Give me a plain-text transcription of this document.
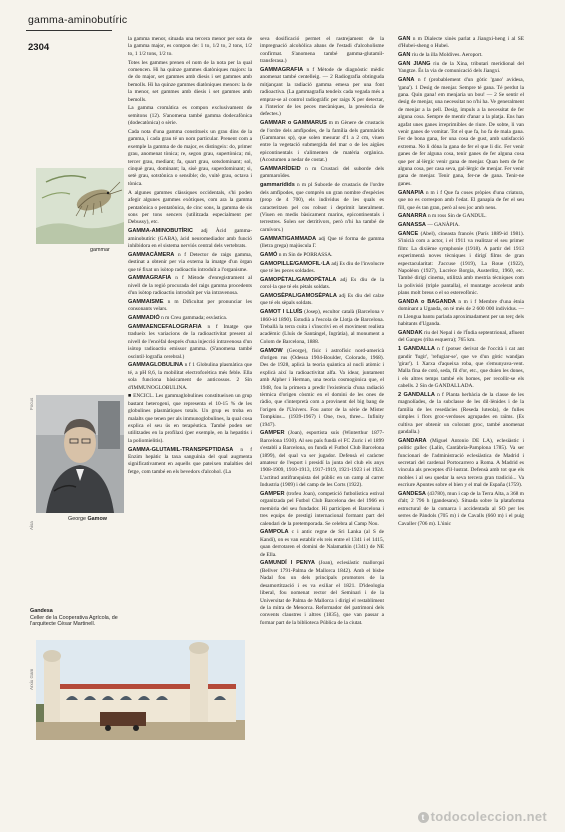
gamma-aminobutíric
2304
gammar
Focus
George Gamow
Aisa
Gandesa
Celler de la Cooperativa Agrícola, de l'arquitecte Cèsar Martinell.
Arxiu Gam

la gamma menor, situada una tercera menor per sota de la gamma major, es compon de: 1 to, 1/2 to, 2 tons, 1/2 to, 1 1/2 tons, 1/2 to.

Totes les gammes prenen el nom de la nota per la qual comencen. Hi ha quinze gammes diatòniques majors: la de do major, set gammes amb diesis i set gammes amb bemolls. Hi ha quinze gammes diatòniques menors: la de la menor, set gammes amb diesis i set gammes amb bemolls.

La gamma cromàtica es compon exclusivament de semitons (12). S'anomena també gamma dodecafònica (dodecatònica) o sèrie.

Cada nota d'una gamma constitueix un grau dins de la gamma, i cada grau té un nom particular. Prenent com a exemple la gamma de do major, es distingeix: do, primer grau, anomenat tònica; re, segon grau, supertònica; mi, tercer grau, mediant; fa, quart grau, sotsdominant; sol, cinquè grau, dominant; la, sisè grau, superdominant; si, setè grau, sotstònica o sensible; do, vuitè grau, octava i tònica.

A algunes gammes clàssiques occidentals, s'hi poden afegir algunes gammes exòtiques, com ara la gamma pentatònica o pentatònica, de cinc sons, la gamma de sis sons per tons sencers (utilitzada especialment per Debussy), etc.

GAMMA-AMINOBUTÍRIC adj Àcid gamma-aminobutíric (GABA), àcid neuromediador amb funció inhibidora en el sistema nerviós central dels vertebrats.

GAMMACÀMERA n f Detector de raigs gamma, destinat a obtenir per via externa la imatge d'un òrgan que té fixat un isòtop radioactiu introduït a l'organisme.

GAMMAGRAFIA n f Mètode d'enregistrament al nivell de la regió procurada del raigs gamma procedents d'un isòtop radioactiu introduït per via intravenosa.

GAMMAISME n m Dificultat per pronunciar les consonants velars.

GAMMADIÓ n m Creu gammada; esvàstica.

GAMMAENCEFALOGRAFIA n f Imatge que tradueix les variacions de la radioactivitat present al nivell de l'encèfal després d'una injecció intravenosa d'un isòtop radioactiu emissor gamma. (S'anomena també oscintil·lografia cerebral.)

GAMMAGLOBULINA n f 1 Globulina plasmàtica que té, a pH 8,6, la mobilitat electroforètica més feble. Ella sola funciona bàsicament de anticossos. 2 Sin d'IMMUNOGLOBULINA.

■ ENCICL. Les gammaglobulines constitueixen un grup bastant heterogeni, que representa el 10-15 % de les globulines plasmàtiques totals. Un grup es troba en malalts que tenen per als immunoglobulines, la qual cosa explica el seu ús en terapèutica. També poden ser utilitzades en la profilaxi (per exemple, en la hepatitis i la poliomielitis).

GAMMA-GLUTAMIL-TRANSPEPTIDASA n f Enzim hepàtic la taxa sanguínia del qual augmenta significativament en aquells que pateixen malalties del fetge, com també en els bevedors d'alcohol. (La

seva dosificació permet el rastrejament de la impregnació alcohòlica abans de l'estadi d'alcoholisme confirmat. S'anomena també gamma-glutamil-transferasa.)

GAMMAGRAFIA n f Mètode de diagnòstic mèdic anomenat també centelleig. — 2 Radiografia obtinguda mitjançant la radiació gamma emesa per una font radioactiva. (La gammagrafia tendeix cada vegada més a emprar-se al control radiogràfic per raigs X per detectar, a l'interior de les peces mecàniques, la presència de defectes.)

GAMMAR o GAMMARUS m m Gènere de crustacis de l'ordre dels amfípodes, de la família dels gammàrids (Gammarus sp), que solen mesurar d'1 a 2 cm, viuen entre la vegetació submergida del mar o de les aigües epicontinentals i s'alimenten de matèria orgànica. (Acostumen a nedar de costat.)

GAMMARÍDEID n m Crustaci del suborde dels gammaroïdes.

gammarídids n m pl Suborde de crustacis de l'ordre dels amfípodes, que comprèn un gran nombre d'espècies (prop de 4 700), els individus de les quals es caracteritzen pel cos robust i deprimit lateralment. (Viuen en medis bàsicament marins, epicontinentals i terrestres. Solen ser detritívors, però n'hi ha també de carnívors.)

GAMMAT/GAMMADA adj Que té forma de gamma (lletra grega) majúscula Γ.

GAMÓ n m Sin de PORRASSA.

GAMOPILLE/GAMOFIL·LA adj Es diu de l'involucre que té les peces soldades.

GAMOPÈTAL/GAMOPÈTALA adj Es diu de la corol·la que té els pètals soldats.

GAMOSÈPAL/GAMOSÈPALA adj Es diu del calze que té els sèpals soldats.

GAMOT I LLUÍS (Josep), escultor català (Barcelona v 1860-id 1890). Estudià a l'escola de Llotja de Barcelona. Treballà la terra cuita i s'inscriví en el moviment realista acadèmic (Lluís de Santángel, Ingràtia), al monument a Colom de Barcelona, 1888.

GAMOW (George), físic i astrofísic nord-americà d'origen rus (Odessa 1904-Boulder, Colorado, 1968). Des de 1928, aplicà la teoria quàntica al nucli atòmic i explicà així la radioactivitat alfa. Va idear, juntament amb Alpher i Herman, una teoria cosmogònica que, el 1948, fou la primera a predir l'existència d'una radiació tèrmica d'origen còsmic en el domini de les ones de ràdio, que s'interpretà com a provinent del big bang de l'origen de l'Univers. Fou autor de la sèrie de Mister Tompkins... (1939-1967) i One, two, three... Infinity (1947).

GAMPER (Joan), esportista suís (Winterthur 1877-Barcelona 1930). Al seu país fundà el FC Zuric i el 1899 s'establí a Barcelona, on fundà el Futbol Club Barcelona (1899), del qual va ser jugador. Defensà el caràcter amateur de l'esport i presidí la junta del club els anys 1908-1909, 1910-1913, 1917-1919, 1921-1923 i el 1924. L'actitud antifranquista del públic en un camp al carrer Industria (1909) i del camp de les Corts (1922).

GAMPER (trofeu Joan), competició futbolística estival organitzada pel Futbol Club Barcelona des del 1966 en memòria del seu fundador. Hi participen el Barcelona i tres equips de prestigi internacional formant part del calendari de la pretemporada. Se celebra al Camp Nou.

GAMPOLA c i antic regne de Sri Lanka (al S de Kandi), on es van establir els reis entre el 1341 i el 1415, quan derrotaren el domini de Nalamatkin (1341) de NE de Ella.

GAMUNDÍ I PENYA (Joan), eclesiàstic mallorquí (Bellver 1791-Palma de Mallorca 1842). Amb el bisbe Nadal fou un dels principals promotors de la desamortització i es va exiliar el 1821. D'ideologia liberal, fou nomenat rector del Seminari i de la Universitat de Palma de Mallorca i dirigí el restabliment de la mitra de Menorca. Reformador del patrimoni dels convents claustres i altres (1835), que van passar a formar part de la biblioteca Pública de la ciutat.

GAN n m Dialecte xinès parlat a Jiangxi-heng i al SE d'Hubei-sheng o Hubei.

GAN riu de la illa Moldives. Aeroport.

GAN JIANG riu de la Xina, tributari meridional del Yangtze. És la via de comunicació dels Jiangxi.

GANA n f (probablement d'un gòtic 'gano' avidesa, 'gana'). 1 Desig de menjar. Sempre té gana. Té perdut la gana. Quin gana! em menjaria un bou! — 2 Se sentir el desig de menjar, una necessitat no n'hi ha. Ve generalment de menjar a la pell. Desig, impuls a la necessitat de fer alguna cosa. Sempre de mentir d'anar a la platja. Ens han agafat unes ganes irreprimibles de riure. De sobte, li van venir ganes de vomitar. Tot el que fa, ho fa de mala gana. Fer de bona gana, fer una cosa de gust, amb satisfacció extrema. No li dóna la gana de fer el que li dic. Fer venir ganes de fer alguna cosa, tenir ganes de fer alguna cosa que per al·lèrgic venir gana de menjar. Quan hem de fer alguna cosa, per casa seva, gal·lèrgic de menjar. Fer venir gana de menjar. Tenir gana, fer-ne de gana. Tenir-ne ganes.

GANAPIA n m i f Que fa coses pròpies d'una criatura, que no es correspon amb l'edat. El ganapia de fer el seu fill, que és tan gran, però al seu joc amb nens.

GANARRA n m ross Sin de GANDUL.

GANASSA — GANÀPIA.

GANCE (Abel), cineasta francès (París 1889-id 1981). S'inicià com a actor, i el 1911 va realitzar el seu primer film: La dixième symphonie (1918). A partir del 1913 experimentà noves tècniques i dirigí films de gran espectacularitat: J'accuse (1919), La Roue (1922), Napoléon (1927), Lucrèce Borgia, Austerlitz, 1960, etc. També dirigí cinema, utilitzà amb mestria tècniques com la polivisió (triple pantalla), el muntatge accelerat amb plans molt breus o el so estereofònic.

GANDA o BAGANDA n m i f Membre d'una ètnia dominant a Uganda, on té més de 2 600 000 individus. — m Llengua bantu parlada aproximadament per un terç dels habitants d'Uganda.

GANDAK riu del Nepal i de l'Índia septentrional, afluent del Ganges (riba esquerra); 765 km.

1 GANDALLA n f (potser derivat de l'occità i cat ant gandir 'fugir', 'refugiar-se', que ve d'un gòtic wandjan 'girar'). 1 Xarxa d'aqueixa roba, que s'emunyava-vent. Malla fina de cotó, seda, fil d'or, etc., que duien les dones, i els altres temps també els homes, per recollir-se els cabells. 2 Sin de GANDALLADA.

2 GANDALLA n f Planta herbàcia de la classe de les magnolíades, de la subclasse de les dil·lènides i de la família de les resedàcies (Reseda luteola), de fulles simples i flors groc-verdoses agrupades en raïms. (Es cultiva per obtenir un colorant groc, també anomenat gandalla.)

GANDARA (Miguel Antonio DE LA), eclesiàstic i polític gallec (Lalín, Cantàbria-Pamplona 1785). Va ser funcionari de l'administració eclesiàstica de Madrid i secretari del cardenal Portocarrero a Roma. A Madrid es vincula als preceptes d'il·lustrat. Defensà amb tot que els mobles i al seu quedar la seva tercera gran tradició... Va escriure Apuntes sobre el bien y el mal de España (1759).

GANDESA (43780), mun i cap de la Terra Alta, a 368 m d'alt; 2 796 h (gandesans). Situada sobre la plataforma estructural de la comarca i accidentada al SO per les serres de Pàndols (705 m) i de Cavalls (660 m) i el puig Cavaller (706 m). L'únic

t todocoleccion.net
